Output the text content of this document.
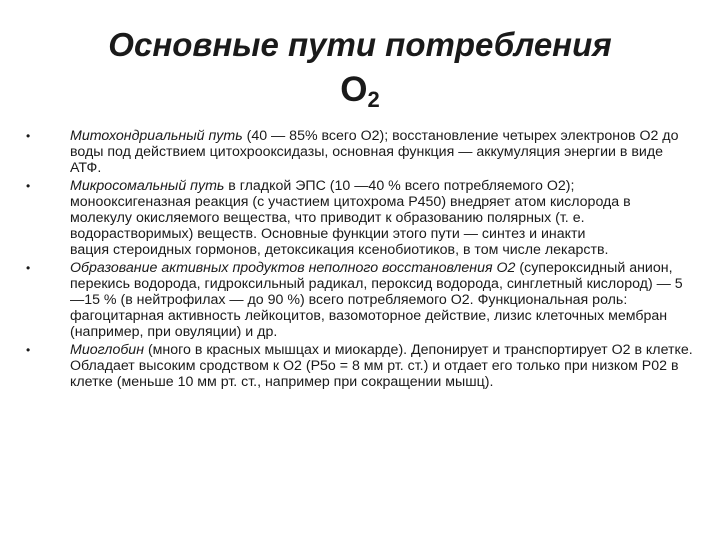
Основные пути потребления
$O_2$
•	Митохондриальный путь (40 — 85% всего O2); восстановление четырех электронов O2 до воды под действием цитохроокcидазы, основная функция — аккумуляция энергии в виде АТФ.
•	Микросомальный путь в гладкой ЭПС (10 —40 % всего потребляемого O2); монооксигеназная реакция (с участием цитохрома Р450) внедряет атом кислорода в молекулу окисляемого вещества, что приводит к образованию полярных (т. е. водорастворимых) веществ. Основные функции этого пути — синтез и инакти
вация стероидных гормонов, детоксикация ксенобиотиков, в том числе лекарств.
•	Образование активных продуктов неполного восстановления O2 (супероксидный анион, перекись водорода, гидроксильный радикал, пероксид водорода, синглетный кислород) — 5—15 % (в нейтрофилах — до 90 %) всего потребляемого O2. Функциональная роль: фагоцитарная активность лейкоцитов, вазомоторное действие, лизис клеточных мембран (например, при овуляции) и др.
•	Миоглобин (много в красных мышцах и миокарде). Депонирует и транспортирует O2 в клетке. Обладает высоким сродством к O2 (P5o = 8 мм рт. ст.) и отдает его только при низком P02 в клетке (меньше 10 мм рт. ст., например при сокращении мышц).
